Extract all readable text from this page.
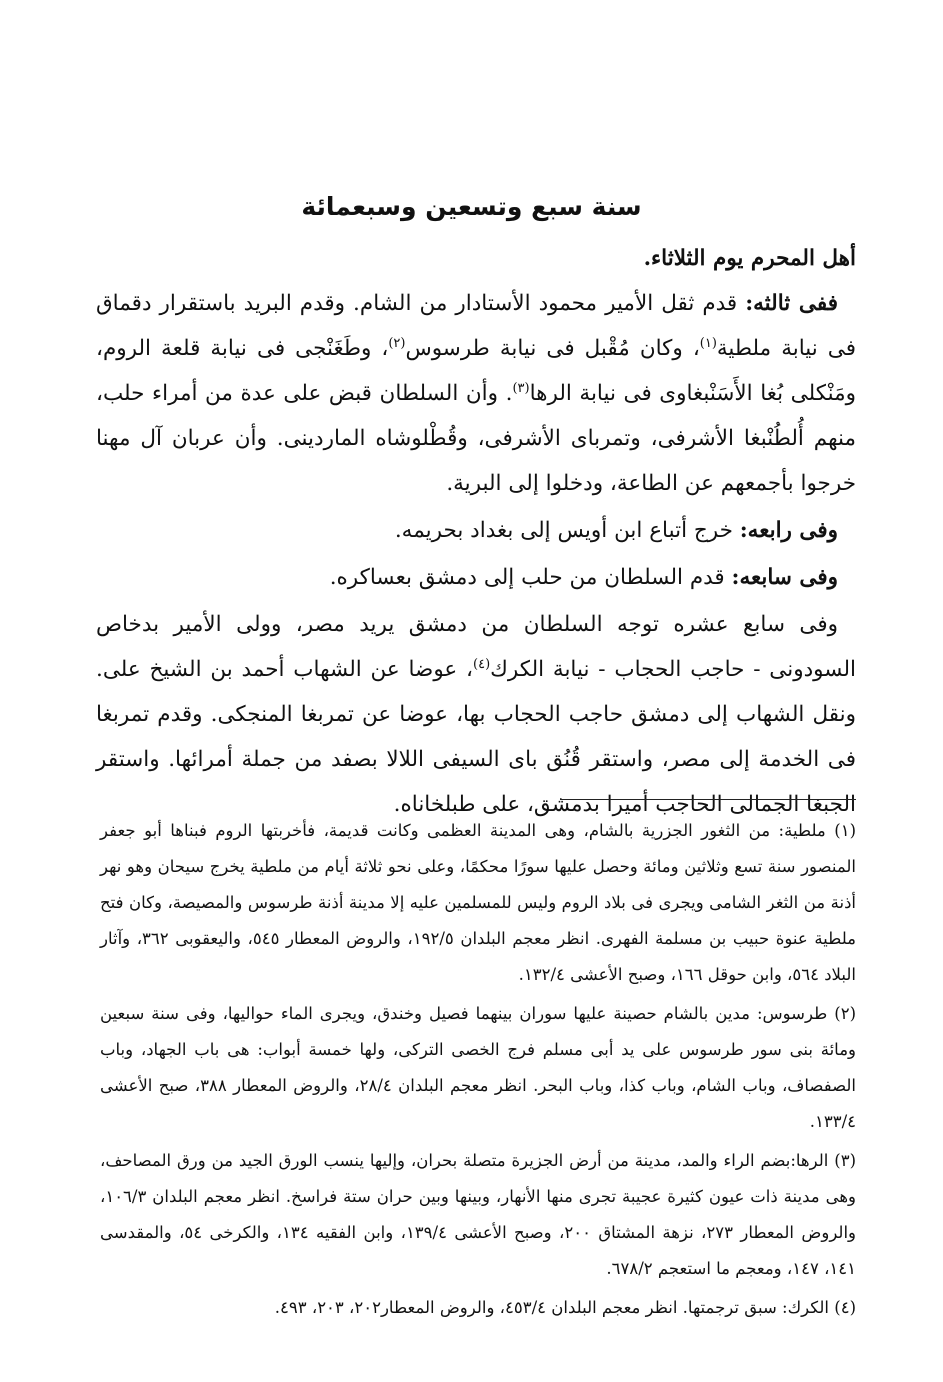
سنة سبع وتسعين وسبعمائة

أهل المحرم يوم الثلاثاء.

ففى ثالثه: قدم ثقل الأمير محمود الأستادار من الشام. وقدم البريد باستقرار دقماق فى نيابة ملطية$^{(١)}$، وكان مُقْبل فى نيابة طرسوس$^{(٢)}$، وطَغَنْجى فى نيابة قلعة الروم، ومَنْكلى بُغا الأَسَنْبغاوى فى نيابة الرها$^{(٣)}$. وأن السلطان قبض على عدة من أمراء حلب، منهم أُلطُنْبغا الأشرفى، وتمرباى الأشرفى، وقُطْلوشاه الماردينى. وأن عربان آل مهنا خرجوا بأجمعهم عن الطاعة، ودخلوا إلى البرية.

وفى رابعه: خرج أتباع ابن أويس إلى بغداد بحريمه.

وفى سابعه: قدم السلطان من حلب إلى دمشق بعساكره.

وفى سابع عشره توجه السلطان من دمشق يريد مصر، وولى الأمير بدخاص السودونى - حاجب الحجاب - نيابة الكرك$^{(٤)}$، عوضا عن الشهاب أحمد بن الشيخ على. ونقل الشهاب إلى دمشق حاجب الحجاب بها، عوضا عن تمربغا المنجكى. وقدم تمربغا فى الخدمة إلى مصر، واستقر قُنُق باى السيفى اللالا بصفد من جملة أمرائها. واستقر الجبغا الجمالى الحاجب أميرا بدمشق، على طبلخاناه.

(١) ملطية: من الثغور الجزرية بالشام، وهى المدينة العظمى وكانت قديمة، فأخربتها الروم فبناها أبو جعفر المنصور سنة تسع وثلاثين ومائة وحصل عليها سورًا محكمًا، وعلى نحو ثلاثة أيام من ملطية يخرج سيحان وهو نهر أذنة من الثغر الشامى ويجرى فى بلاد الروم وليس للمسلمين عليه إلا مدينة أذنة طرسوس والمصيصة، وكان فتح ملطية عنوة حبيب بن مسلمة الفهرى. انظر معجم البلدان ١٩٢/٥، والروض المعطار ٥٤٥، واليعقوبى ٣٦٢، وآثار البلاد ٥٦٤، وابن حوقل ١٦٦، وصبح الأعشى ١٣٢/٤.

(٢) طرسوس: مدين بالشام حصينة عليها سوران بينهما فصيل وخندق، ويجرى الماء حواليها، وفى سنة سبعين ومائة بنى سور طرسوس على يد أبى مسلم فرج الخصى التركى، ولها خمسة أبواب: هى باب الجهاد، وباب الصفصاف، وباب الشام، وباب كذا، وباب البحر. انظر معجم البلدان ٢٨/٤، والروض المعطار ٣٨٨، صبح الأعشى ١٣٣/٤.

(٣) الرها:بضم الراء والمد، مدينة من أرض الجزيرة متصلة بحران، وإليها ينسب الورق الجيد من ورق المصاحف، وهى مدينة ذات عيون كثيرة عجيبة تجرى منها الأنهار، وبينها وبين حران ستة فراسخ. انظر معجم البلدان ١٠٦/٣، والروض المعطار ٢٧٣، نزهة المشتاق ٢٠٠، وصبح الأعشى ١٣٩/٤، وابن الفقيه ١٣٤، والكرخى ٥٤، والمقدسى ١٤١، ١٤٧، ومعجم ما استعجم ٦٧٨/٢.

(٤) الكرك: سبق ترجمتها. انظر معجم البلدان ٤٥٣/٤، والروض المعطار٢٠٢، ٢٠٣، ٤٩٣.
